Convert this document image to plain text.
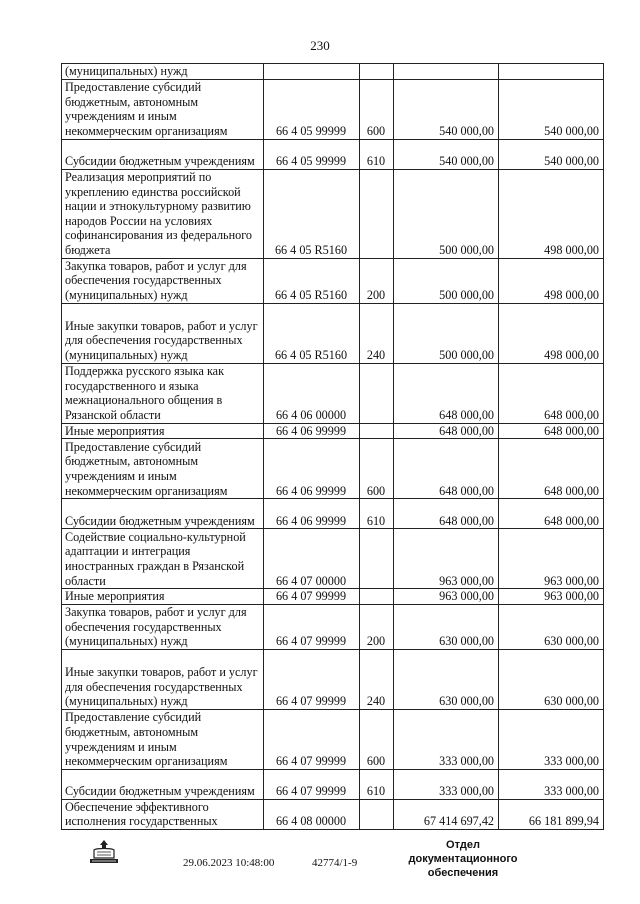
230
(муниципальных) нужд				
Предоставление субсидий бюджетным, автономным учреждениям и иным некоммерческим организациям	66 4 05 99999	600	540 000,00	540 000,00
Субсидии бюджетным учреждениям	66 4 05 99999	610	540 000,00	540 000,00
Реализация мероприятий по укреплению единства российской нации и этнокультурному развитию народов России на условиях софинансирования из федерального бюджета	66 4 05 R5160		500 000,00	498 000,00
Закупка товаров, работ и услуг для обеспечения государственных (муниципальных) нужд	66 4 05 R5160	200	500 000,00	498 000,00
Иные закупки товаров, работ и услуг для обеспечения государственных (муниципальных) нужд	66 4 05 R5160	240	500 000,00	498 000,00
Поддержка русского языка как государственного и языка межнационального общения в Рязанской области	66 4 06 00000		648 000,00	648 000,00
Иные мероприятия	66 4 06 99999		648 000,00	648 000,00
Предоставление субсидий бюджетным, автономным учреждениям и иным некоммерческим организациям	66 4 06 99999	600	648 000,00	648 000,00
Субсидии бюджетным учреждениям	66 4 06 99999	610	648 000,00	648 000,00
Содействие социально-культурной адаптации и интеграция иностранных граждан в Рязанской области	66 4 07 00000		963 000,00	963 000,00
Иные мероприятия	66 4 07 99999		963 000,00	963 000,00
Закупка товаров, работ и услуг для обеспечения государственных (муниципальных) нужд	66 4 07 99999	200	630 000,00	630 000,00
Иные закупки товаров, работ и услуг для обеспечения государственных (муниципальных) нужд	66 4 07 99999	240	630 000,00	630 000,00
Предоставление субсидий бюджетным, автономным учреждениям и иным некоммерческим организациям	66 4 07 99999	600	333 000,00	333 000,00
Субсидии бюджетным учреждениям	66 4 07 99999	610	333 000,00	333 000,00
Обеспечение эффективного исполнения государственных	66 4 08 00000		67 414 697,42	66 181 899,94
29.06.2023 10:48:00	42774/1-9
Отдел документационного обеспечения
